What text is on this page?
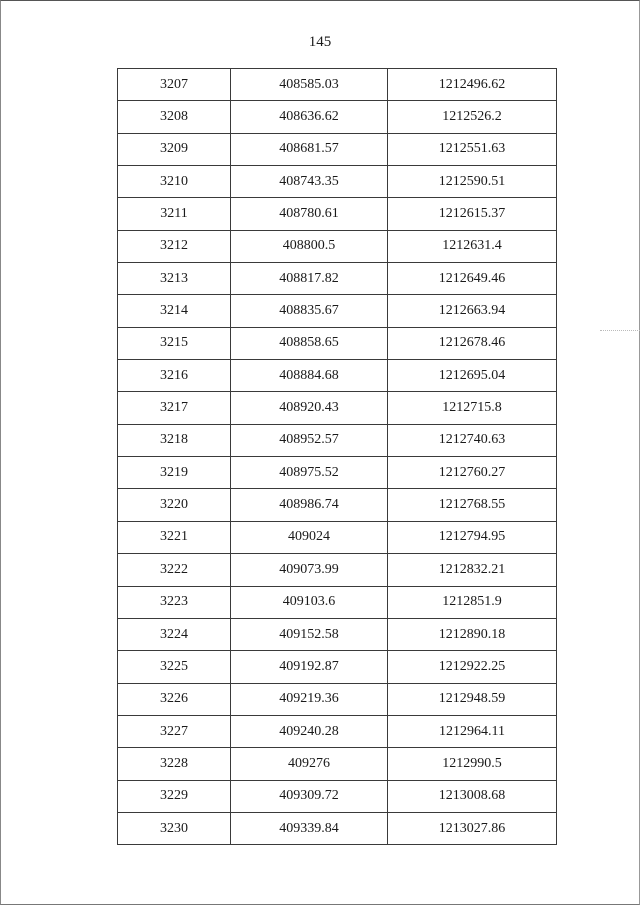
145
3207	408585.03	1212496.62
3208	408636.62	1212526.2
3209	408681.57	1212551.63
3210	408743.35	1212590.51
3211	408780.61	1212615.37
3212	408800.5	1212631.4
3213	408817.82	1212649.46
3214	408835.67	1212663.94
3215	408858.65	1212678.46
3216	408884.68	1212695.04
3217	408920.43	1212715.8
3218	408952.57	1212740.63
3219	408975.52	1212760.27
3220	408986.74	1212768.55
3221	409024	1212794.95
3222	409073.99	1212832.21
3223	409103.6	1212851.9
3224	409152.58	1212890.18
3225	409192.87	1212922.25
3226	409219.36	1212948.59
3227	409240.28	1212964.11
3228	409276	1212990.5
3229	409309.72	1213008.68
3230	409339.84	1213027.86
